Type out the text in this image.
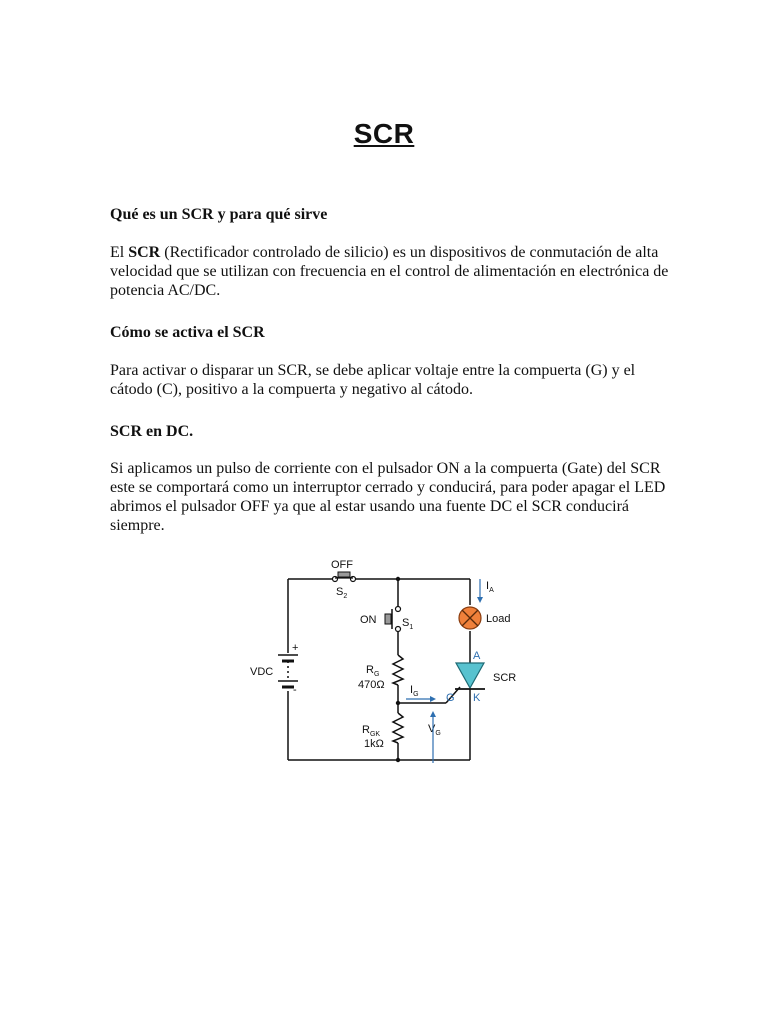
SCR
Qué es un SCR y para qué sirve
El SCR (Rectificador controlado de silicio) es un dispositivos de conmutación de alta velocidad que se utilizan con frecuencia en el control de alimentación en electrónica de potencia AC/DC.
Cómo se activa el SCR
Para activar o disparar un SCR, se debe aplicar voltaje entre la compuerta (G) y el cátodo (C), positivo a la compuerta y negativo al cátodo.
SCR en DC.
Si aplicamos un pulso de corriente con el pulsador ON a la compuerta (Gate) del SCR este se comportará como un interruptor cerrado y conducirá, para poder apagar el LED abrimos el pulsador OFF ya que al estar usando una fuente DC el SCR conducirá siempre.
OFF
$S_2$
ON $S_1$
+
-
VDC	$R_G$
470Ω $I_G$
$R_{GK}$
1kΩ
$V_G$
$I_A$
Load
A
G K
SCR
